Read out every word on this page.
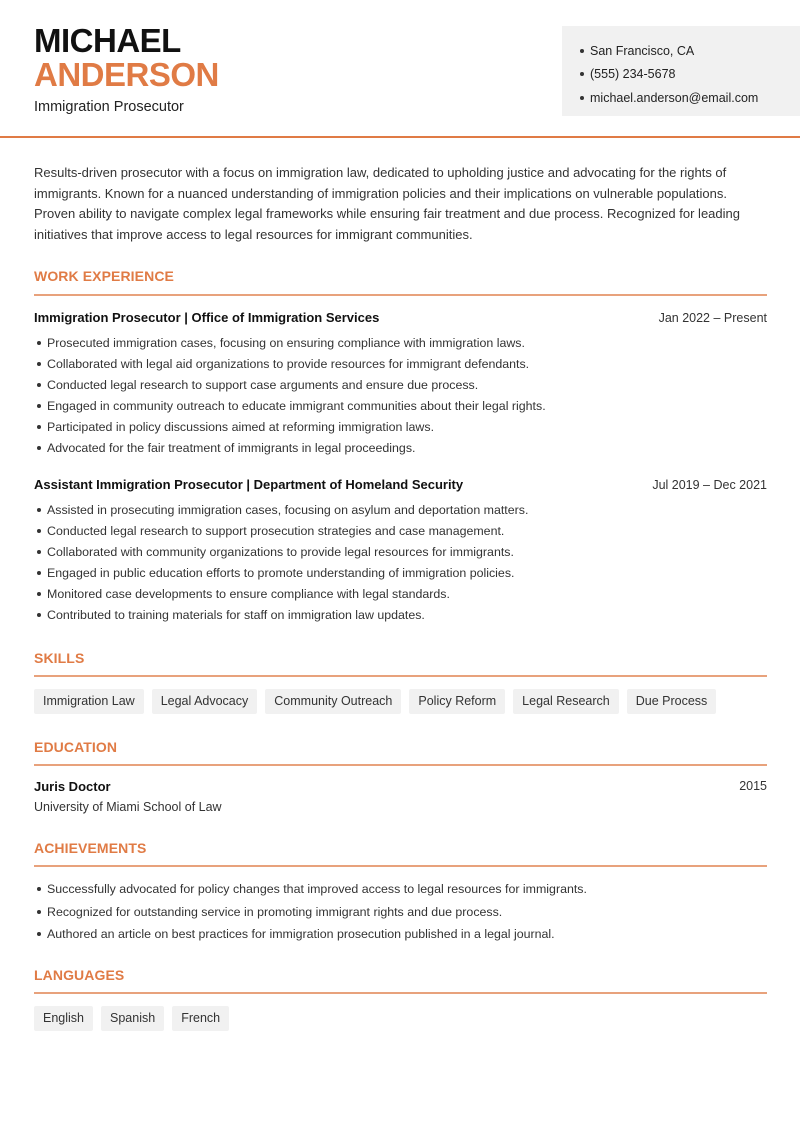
MICHAEL
ANDERSON
Immigration Prosecutor
San Francisco, CA
(555) 234-5678
michael.anderson@email.com

Results-driven prosecutor with a focus on immigration law, dedicated to upholding justice and advocating for the rights of immigrants. Known for a nuanced understanding of immigration policies and their implications on vulnerable populations. Proven ability to navigate complex legal frameworks while ensuring fair treatment and due process. Recognized for leading initiatives that improve access to legal resources for immigrant communities.

WORK EXPERIENCE
Immigration Prosecutor | Office of Immigration Services	Jan 2022 – Present
Prosecuted immigration cases, focusing on ensuring compliance with immigration laws.
Collaborated with legal aid organizations to provide resources for immigrant defendants.
Conducted legal research to support case arguments and ensure due process.
Engaged in community outreach to educate immigrant communities about their legal rights.
Participated in policy discussions aimed at reforming immigration laws.
Advocated for the fair treatment of immigrants in legal proceedings.
Assistant Immigration Prosecutor | Department of Homeland Security	Jul 2019 – Dec 2021
Assisted in prosecuting immigration cases, focusing on asylum and deportation matters.
Conducted legal research to support prosecution strategies and case management.
Collaborated with community organizations to provide legal resources for immigrants.
Engaged in public education efforts to promote understanding of immigration policies.
Monitored case developments to ensure compliance with legal standards.
Contributed to training materials for staff on immigration law updates.
SKILLS
Immigration Law	Legal Advocacy	Community Outreach	Policy Reform	Legal Research	Due Process
EDUCATION
Juris Doctor	2015
University of Miami School of Law
ACHIEVEMENTS
Successfully advocated for policy changes that improved access to legal resources for immigrants.
Recognized for outstanding service in promoting immigrant rights and due process.
Authored an article on best practices for immigration prosecution published in a legal journal.
LANGUAGES
English	Spanish	French
